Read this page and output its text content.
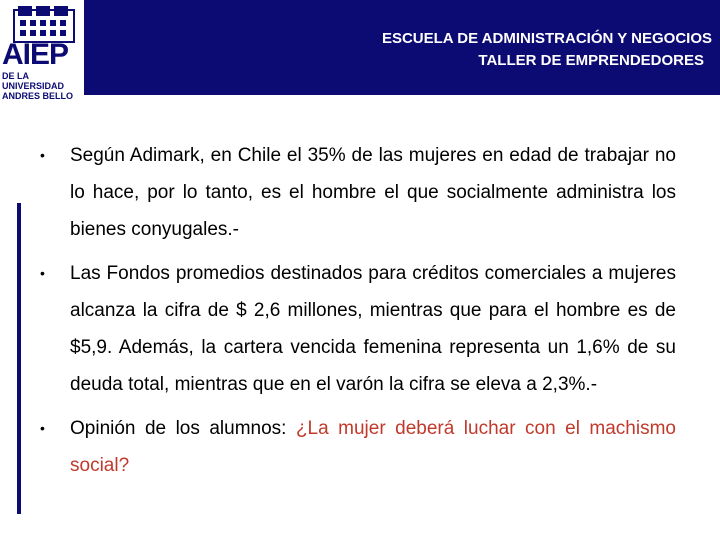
AIEP
DE LA UNIVERSIDAD
ANDRES BELLO
ESCUELA DE ADMINISTRACIÓN Y NEGOCIOS
TALLER DE EMPRENDEDORES
• Según Adimark, en Chile el 35% de las mujeres en edad de trabajar no lo hace, por lo tanto, es el hombre el que socialmente administra los bienes conyugales.-
• Las Fondos promedios destinados para créditos comerciales a mujeres alcanza la cifra de $ 2,6 millones, mientras que para el hombre es de $5,9. Además, la cartera vencida femenina representa un 1,6% de su deuda total, mientras que en el varón la cifra se eleva a 2,3%.-
• Opinión de los alumnos: ¿La mujer deberá luchar con el machismo social?
